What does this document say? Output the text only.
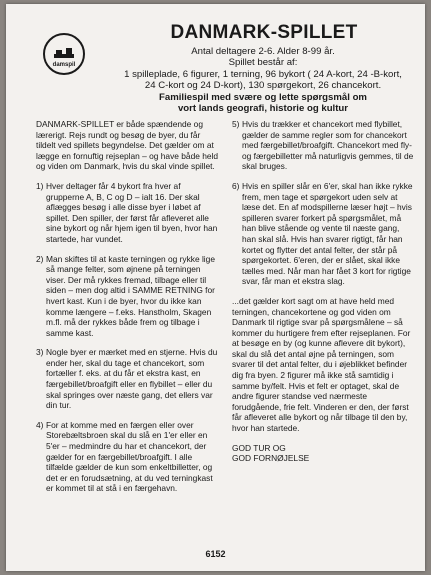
damspil
DANMARK-SPILLET
Antal deltagere 2-6. Alder 8-99 år.
Spillet består af:
1 spilleplade, 6 figurer, 1 terning, 96 bykort ( 24 A-kort, 24 -B-kort,
24 C-kort og 24 D-kort), 130 spørgekort, 26 chancekort.
Familiespil med svære og lette spørgsmål om
vort lands geografi, historie og kultur

DANMARK-SPILLET er både spændende og lærerigt. Rejs rundt og besøg de byer, du får tildelt ved spillets begyndelse. Det gælder om at lægge en fornuftig rejseplan – og have både held og viden om Danmark, hvis du skal vinde spillet.

1) Hver deltager får 4 bykort fra hver af grupperne A, B, C og D – ialt 16. Der skal aflægges besøg i alle disse byer i løbet af spillet. Den spiller, der først får afleveret alle sine bykort og når hjem igen til byen, hvor han startede, har vundet.
2) Man skiftes til at kaste terningen og rykke lige så mange felter, som øjnene på terningen viser. Der må rykkes fremad, tilbage eller til siden – men dog altid i SAMME RETNING for hvert kast. Kun i de byer, hvor du ikke kan komme længere – f.eks. Hanstholm, Skagen m.fl. må der rykkes både frem og tilbage i samme kast.
3) Nogle byer er mærket med en stjerne. Hvis du ender her, skal du tage et chancekort, som fortæller f. eks. at du får et ekstra kast, en færgebillet/broafgift eller en flybillet – eller du skal springes over næste gang, det ellers var din tur.
4) For at komme med en færgen eller over Storebæltsbroen skal du slå en 1'er eller en 5'er – medmindre du har et chancekort, der gælder for en færgebillet/broafgift. I alle tilfælde gælder de kun som enkeltbilletter, og det er en forudsætning, at du ved terningkast er kommet til at stå i en færgehavn.
5) Hvis du trækker et chancekort med flybillet, gælder de samme regler som for chancekort med færgebillet/broafgift. Chancekort med fly- og færgebilletter må naturligvis gemmes, til de skal bruges.
6) Hvis en spiller slår en 6'er, skal han ikke rykke frem, men tage et spørgekort uden selv at læse det. En af modspillerne læser højt – hvis spilleren svarer forkert på spørgsmålet, må han blive stående og vente til næste gang, han skal slå. Hvis han svarer rigtigt, får han kortet og flytter det antal felter, der står på spørgekortet. 6'eren, der er slået, skal ikke tælles med. Når man har fået 3 kort for rigtige svar, får man et ekstra slag.

...det gælder kort sagt om at have held med terningen, chancekortene og god viden om Danmark til rigtige svar på spørgsmålene – så kommer du hurtigere frem efter rejseplanen. For at besøge en by (og kunne aflevere dit bykort), skal du slå det antal øjne på terningen, som svarer til det antal felter, du i øjeblikket befinder dig fra byen. 2 figurer må ikke stå samtidig i samme by/felt. Hvis et felt er optaget, skal de andre figurer standse ved nærmeste forudgående, frie felt. Vinderen er den, der først får afleveret alle bykort og når tilbage til den by, hvor han startede.

GOD TUR OG
GOD FORNØJELSE
6152
